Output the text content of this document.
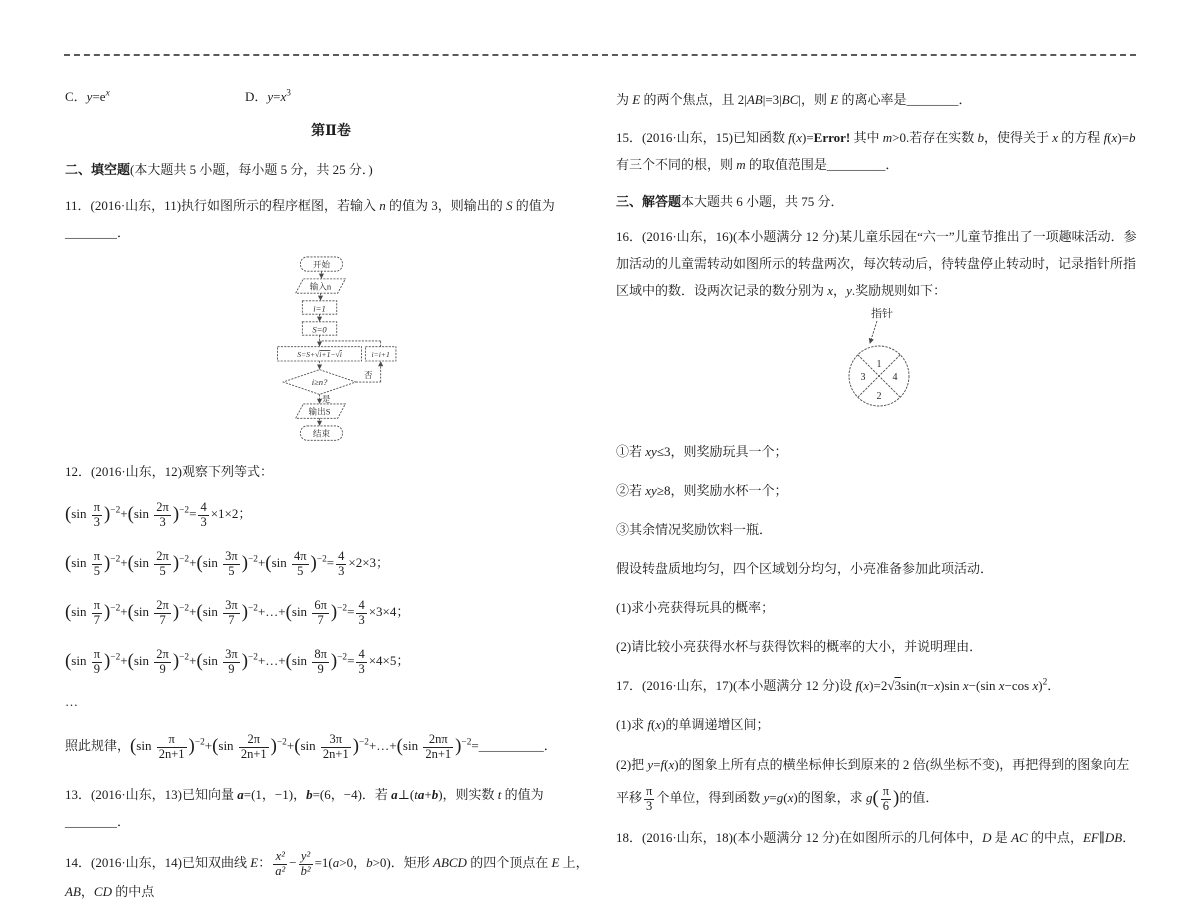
C．$y=e^x$	D．$y=x^3$
第Ⅱ卷
二、填空题(本大题共 5 小题，每小题 5 分，共 25 分．)
11．(2016·山东，11)执行如图所示的程序框图，若输入 n 的值为 3，则输出的 S 的值为________．
开始
输入n
i=1
S=0
S=S+√i+1−√i	i=i+1
i≥n?
否
是
输出S
结束
12．(2016·山东，12)观察下列等式：
$(\sin \frac{\pi}{3} )^{-2}+(\sin \frac{2\pi}{3} )^{-2}= \frac{4}{3} \times 1\times 2$；
$(\sin \frac{\pi}{5} )^{-2}+(\sin \frac{2\pi}{5} )^{-2}+(\sin \frac{3\pi}{5} )^{-2}+(\sin \frac{4\pi}{5} )^{-2}= \frac{4}{3} \times 2\times 3$；
$(\sin \frac{\pi}{7} )^{-2}+(\sin \frac{2\pi}{7} )^{-2}+(\sin \frac{3\pi}{7}$ )$^{-2}$+…+(sin $\frac{6\pi}{7} )^{-2}= \frac{4}{3} \times 3\times 4$；
$(\sin \frac{\pi}{9} )^{-2}+(\sin \frac{2\pi}{9} )^{-2}+(\sin \frac{3\pi}{9}$ )$^{-2}$+…+(sin $\frac{8\pi}{9} )^{-2}= \frac{4}{3} \times 4\times 5$；
…
照此规律，$(\sin \frac{\pi}{2n+1} )^{-2}+(\sin \frac{2\pi}{2n+1} )^{-2}+(\sin \frac{3\pi}{2n+1}$ )$^{-2}$+…+(sin $\frac{2n\pi}{2n+1}$ )$^{-2}$=__________．
13．(2016·山东，13)已知向量 a=(1，−1)，b=(6，−4)．若 a⊥(ta+b)，则实数 t 的值为________．
14．(2016·山东，14)已知双曲线 E： $\frac{\text{x²}}{\text{a²}} - \frac{\text{y²}}{\text{b²}} =1(a>0$，b>0)．矩形 ABCD 的四个顶点在 E 上，AB，CD 的中点
为 E 的两个焦点，且 2|AB|=3|BC|，则 E 的离心率是________．
15．(2016·山东，15)已知函数 f(x)=Error! 其中 m>0.若存在实数 b，使得关于 x 的方程 f(x)=b 有三个不同的根，则 m 的取值范围是_________．
三、解答题本大题共 6 小题，共 75 分．
16．(2016·山东，16)(本小题满分 12 分)某儿童乐园在“六一”儿童节推出了一项趣味活动．参加活动的儿童需转动如图所示的转盘两次，每次转动后，待转盘停止转动时，记录指针所指区域中的数．设两次记录的数分别为 x，y.奖励规则如下：
指针
1
4
2
3
①若 xy≤3，则奖励玩具一个；
②若 xy≥8，则奖励水杯一个；
③其余情况奖励饮料一瓶．
假设转盘质地均匀，四个区域划分均匀，小亮准备参加此项活动．
(1)求小亮获得玩具的概率；
(2)请比较小亮获得水杯与获得饮料的概率的大小，并说明理由．
17．(2016·山东，17)(本小题满分 12 分)设 f(x)=2√3sin(π−x)sin x−(sin x−cos x)$^2$．
(1)求 f(x)的单调递增区间；
(2)把 y=f(x)的图象上所有点的横坐标伸长到原来的 2 倍(纵坐标不变)，再把得到的图象向左平移 $\frac{\pi}{3}$ 个单位，得到函数 y=g(x)的图象，求 $g( \frac{\pi}{6}$ )的值．
18．(2016·山东，18)(本小题满分 12 分)在如图所示的几何体中，D 是 AC 的中点，EF∥DB．
